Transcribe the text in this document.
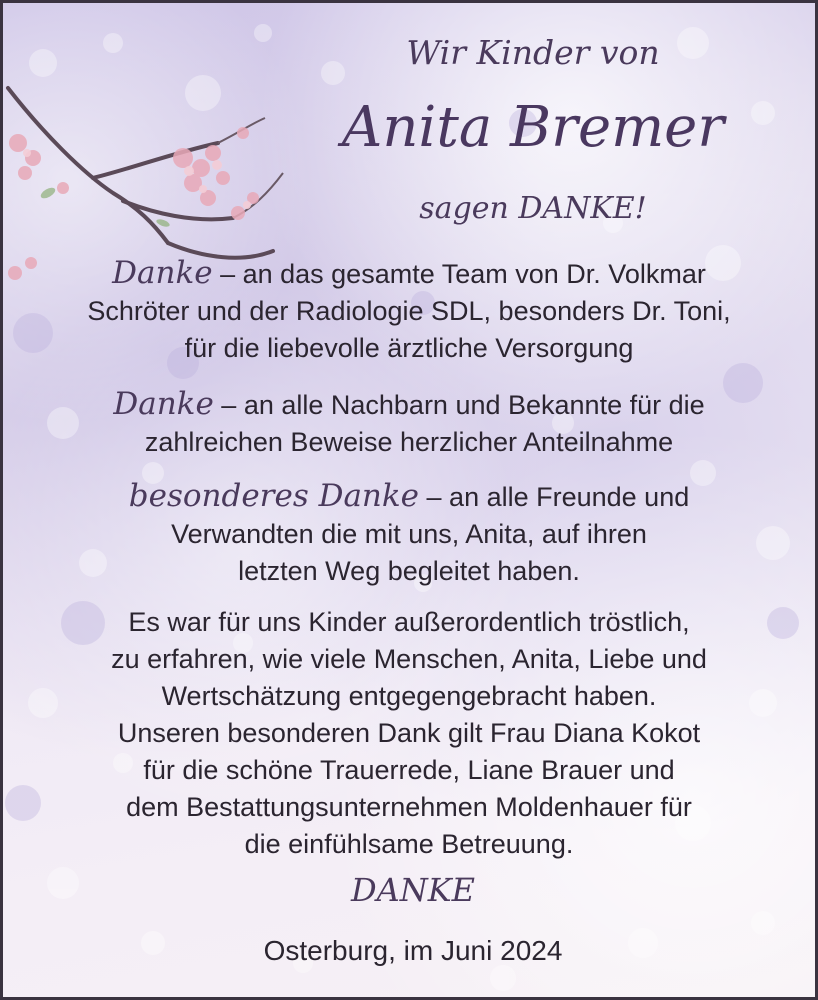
Wir Kinder von
Anita Bremer
sagen DANKE!
Danke – an das gesamte Team von Dr. Volkmar
Schröter und der Radiologie SDL, besonders Dr. Toni,
für die liebevolle ärztliche Versorgung
Danke – an alle Nachbarn und Bekannte für die
zahlreichen Beweise herzlicher Anteilnahme
besonderes Danke – an alle Freunde und
Verwandten die mit uns, Anita, auf ihren
letzten Weg begleitet haben.
Es war für uns Kinder außerordentlich tröstlich,
zu erfahren, wie viele Menschen, Anita, Liebe und
Wertschätzung entgegengebracht haben.
Unseren besonderen Dank gilt Frau Diana Kokot
für die schöne Trauerrede, Liane Brauer und
dem Bestattungsunternehmen Moldenhauer für
die einfühlsame Betreuung.
DANKE
Osterburg, im Juni 2024
